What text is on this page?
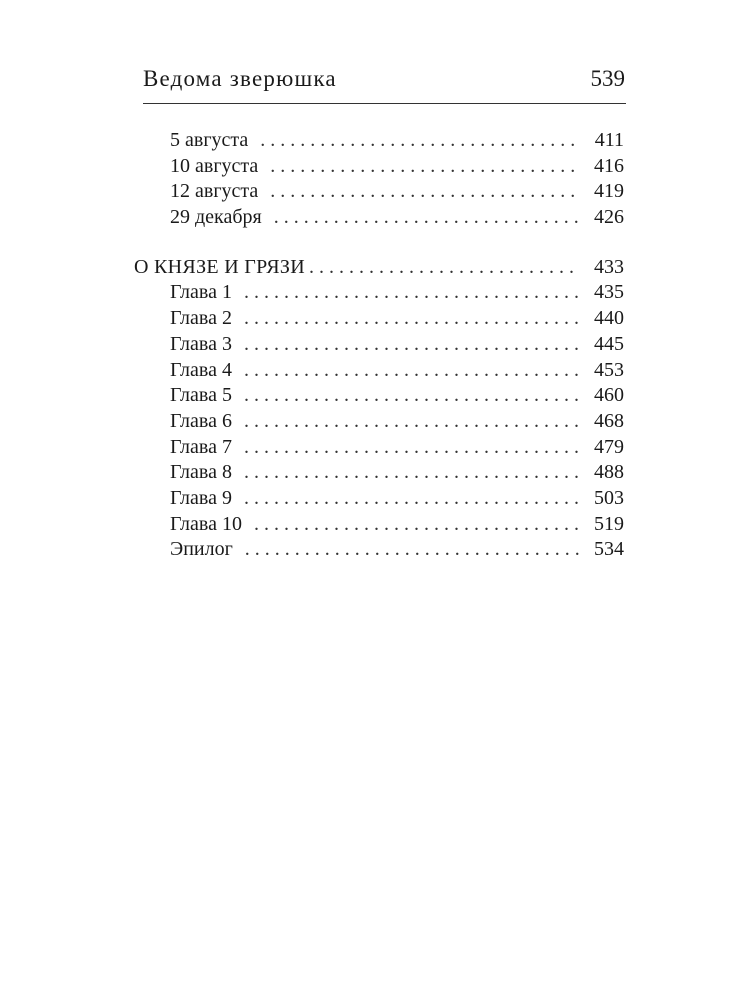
Ведома зверюшка	539
5 августа . . .	411
10 августа . . .	416
12 августа . . .	419
29 декабря . . .	426
О КНЯЗЕ И ГРЯЗИ . . .	433
Глава 1 . . .	435
Глава 2 . . .	440
Глава 3 . . .	445
Глава 4 . . .	453
Глава 5 . . .	460
Глава 6 . . .	468
Глава 7 . . .	479
Глава 8 . . .	488
Глава 9 . . .	503
Глава 10 . . .	519
Эпилог . . .	534
